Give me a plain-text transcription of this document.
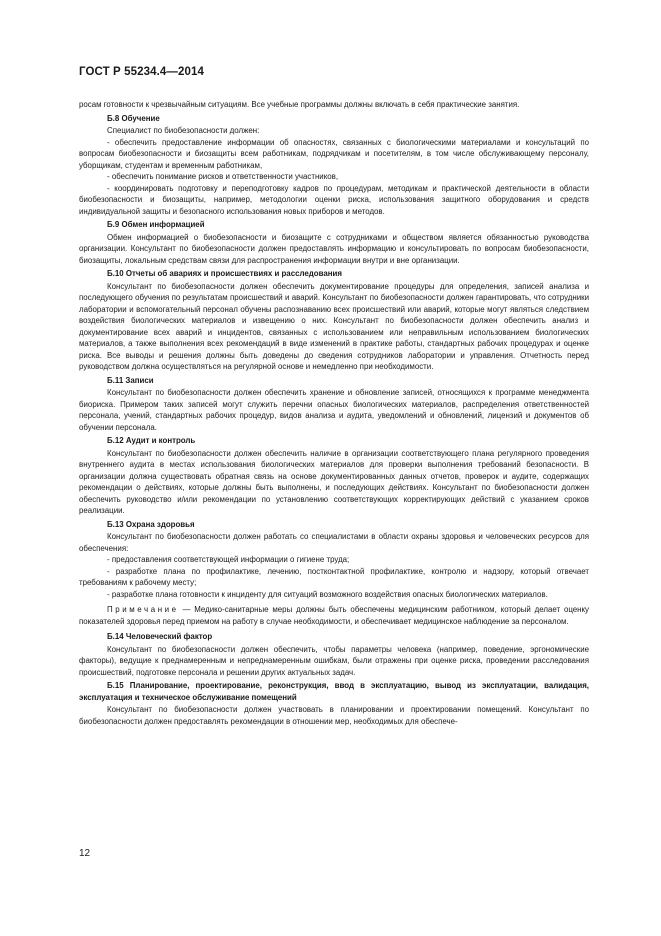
ГОСТ Р 55234.4—2014

росам готовности к чрезвычайным ситуациям. Все учебные программы должны включать в себя практические занятия.

Б.8 Обучение

Специалист по биобезопасности должен:

- обеспечить предоставление информации об опасностях, связанных с биологическими материалами и консультаций по вопросам биобезопасности и биозащиты всем работникам, подрядчикам и посетителям, в том числе обслуживающему персоналу, уборщикам, студентам и временным работникам,

- обеспечить понимание рисков и ответственности участников,

- координировать подготовку и переподготовку кадров по процедурам, методикам и практической деятельности в области биобезопасности и биозащиты, например, методологии оценки риска, использования защитного оборудования и средств индивидуальной защиты и безопасного использования новых приборов и методов.

Б.9 Обмен информацией

Обмен информацией о биобезопасности и биозащите с сотрудниками и обществом является обязанностью руководства организации. Консультант по биобезопасности должен предоставлять информацию и консультировать по вопросам биобезопасности, биозащиты, локальным средствам связи для распространения информации внутри и вне организации.

Б.10 Отчеты об авариях и происшествиях и расследования

Консультант по биобезопасности должен обеспечить документирование процедуры для определения, записей анализа и последующего обучения по результатам происшествий и аварий. Консультант по биобезопасности должен гарантировать, что сотрудники лаборатории и вспомогательный персонал обучены распознаванию всех происшествий или аварий, которые могут являться следствием воздействия биологических материалов и извещению о них. Консультант по биобезопасности должен обеспечить анализ и документирование всех аварий и инцидентов, связанных с использованием или неправильным использованием биологических материалов, а также выполнения всех рекомендаций в виде изменений в практике работы, стандартных рабочих процедурах и оценке риска. Все выводы и решения должны быть доведены до сведения сотрудников лаборатории и управления. Отчетность перед руководством должна осуществляться на регулярной основе и немедленно при необходимости.

Б.11 Записи

Консультант по биобезопасности должен обеспечить хранение и обновление записей, относящихся к программе менеджмента биориска. Примером таких записей могут служить перечни опасных биологических материалов, распределения ответственностей персонала, учений, стандартных рабочих процедур, видов анализа и аудита, уведомлений и обновлений, лицензий и документов об обучении персонала.

Б.12 Аудит и контроль

Консультант по биобезопасности должен обеспечить наличие в организации соответствующего плана регулярного проведения внутреннего аудита в местах использования биологических материалов для проверки выполнения требований безопасности. В организации должна существовать обратная связь на основе документированных данных отчетов, проверок и аудите, содержащих рекомендации о действиях, которые должны быть выполнены, и последующих действиях. Консультант по биобезопасности должен обеспечить руководство и/или рекомендации по установлению соответствующих корректирующих действий с указанием сроков реализации.

Б.13 Охрана здоровья

Консультант по биобезопасности должен работать со специалистами в области охраны здоровья и человеческих ресурсов для обеспечения:

- предоставления соответствующей информации о гигиене труда;

- разработке плана по профилактике, лечению, постконтактной профилактике, контролю и надзору, который отвечает требованиям к рабочему месту;

- разработке плана готовности к инциденту для ситуаций возможного воздействия опасных биологических материалов.

Примечание — Медико-санитарные меры должны быть обеспечены медицинским работником, который делает оценку показателей здоровья перед приемом на работу в случае необходимости, и обеспечивает медицинское наблюдение за персоналом.

Б.14 Человеческий фактор

Консультант по биобезопасности должен обеспечить, чтобы параметры человека (например, поведение, эргономические факторы), ведущие к преднамеренным и непреднамеренным ошибкам, были отражены при оценке риска, проведении расследования происшествий, подготовке персонала и решении других актуальных задач.

Б.15 Планирование, проектирование, реконструкция, ввод в эксплуатацию, вывод из эксплуатации, валидация, эксплуатация и техническое обслуживание помещений

Консультант по биобезопасности должен участвовать в планировании и проектировании помещений. Консультант по биобезопасности должен предоставлять рекомендации в отношении мер, необходимых для обеспече-

12
